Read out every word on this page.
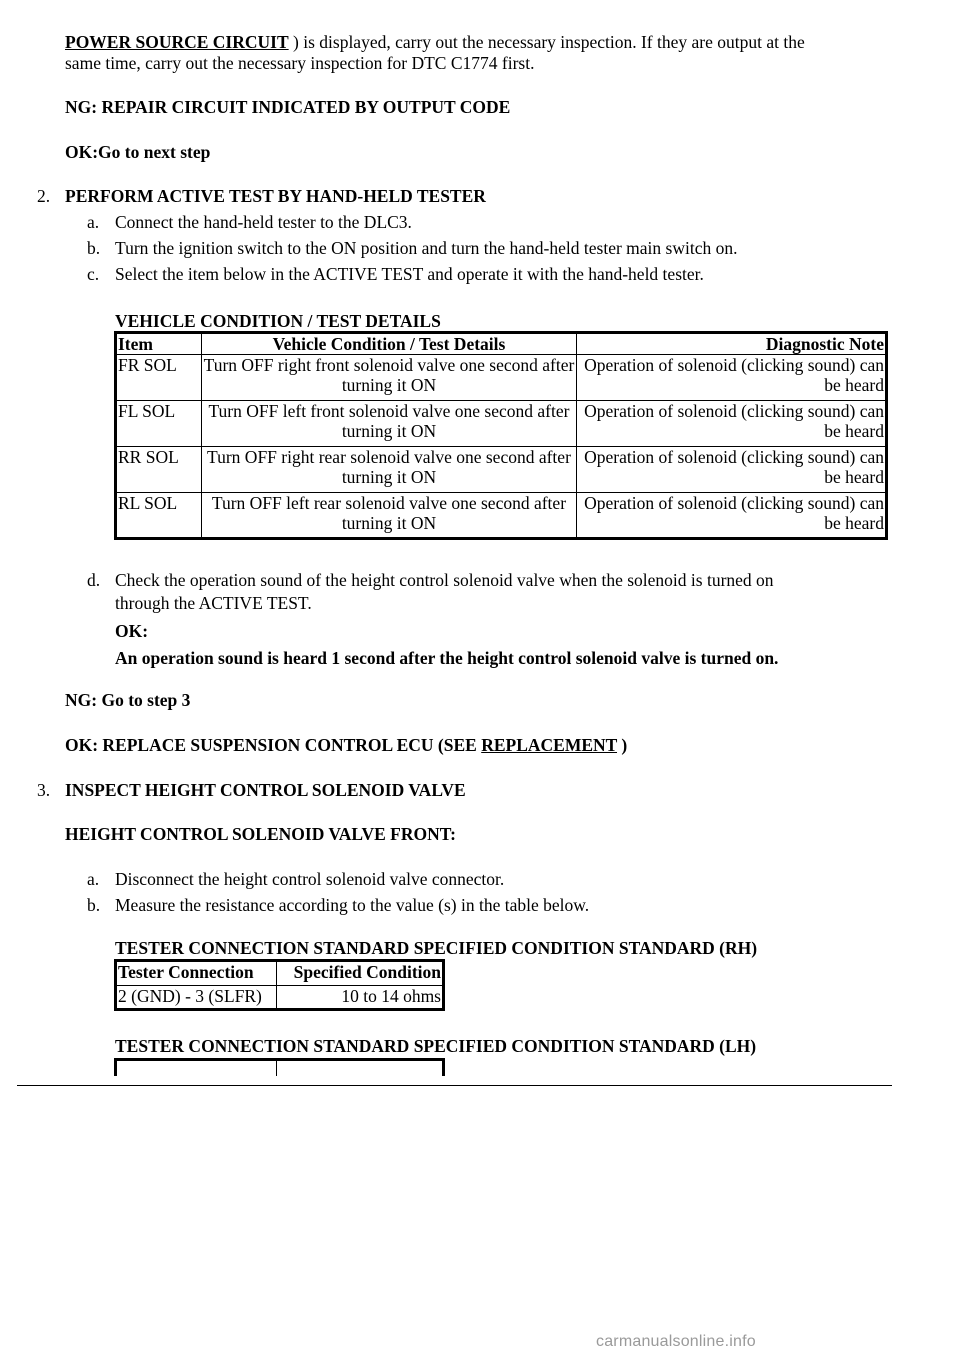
POWER SOURCE CIRCUIT ) is displayed, carry out the necessary inspection. If they are output at the
same time, carry out the necessary inspection for DTC C1774 first.
NG: REPAIR CIRCUIT INDICATED BY OUTPUT CODE
OK:Go to next step
2. PERFORM ACTIVE TEST BY HAND-HELD TESTER
a. Connect the hand-held tester to the DLC3.
b. Turn the ignition switch to the ON position and turn the hand-held tester main switch on.
c. Select the item below in the ACTIVE TEST and operate it with the hand-held tester.
VEHICLE CONDITION / TEST DETAILS
Item	Vehicle Condition / Test Details	Diagnostic Note
FR SOL	Turn OFF right front solenoid valve one second after turning it ON	Operation of solenoid (clicking sound) can be heard
FL SOL	Turn OFF left front solenoid valve one second after turning it ON	Operation of solenoid (clicking sound) can be heard
RR SOL	Turn OFF right rear solenoid valve one second after turning it ON	Operation of solenoid (clicking sound) can be heard
RL SOL	Turn OFF left rear solenoid valve one second after turning it ON	Operation of solenoid (clicking sound) can be heard
d. Check the operation sound of the height control solenoid valve when the solenoid is turned on
through the ACTIVE TEST.
OK:
An operation sound is heard 1 second after the height control solenoid valve is turned on.
NG: Go to step 3
OK: REPLACE SUSPENSION CONTROL ECU (SEE REPLACEMENT )
3. INSPECT HEIGHT CONTROL SOLENOID VALVE
HEIGHT CONTROL SOLENOID VALVE FRONT:
a. Disconnect the height control solenoid valve connector.
b. Measure the resistance according to the value (s) in the table below.
TESTER CONNECTION STANDARD SPECIFIED CONDITION STANDARD (RH)
Tester Connection	Specified Condition
2 (GND) - 3 (SLFR)	10 to 14 ohms
TESTER CONNECTION STANDARD SPECIFIED CONDITION STANDARD (LH)
carmanualsonline.info
